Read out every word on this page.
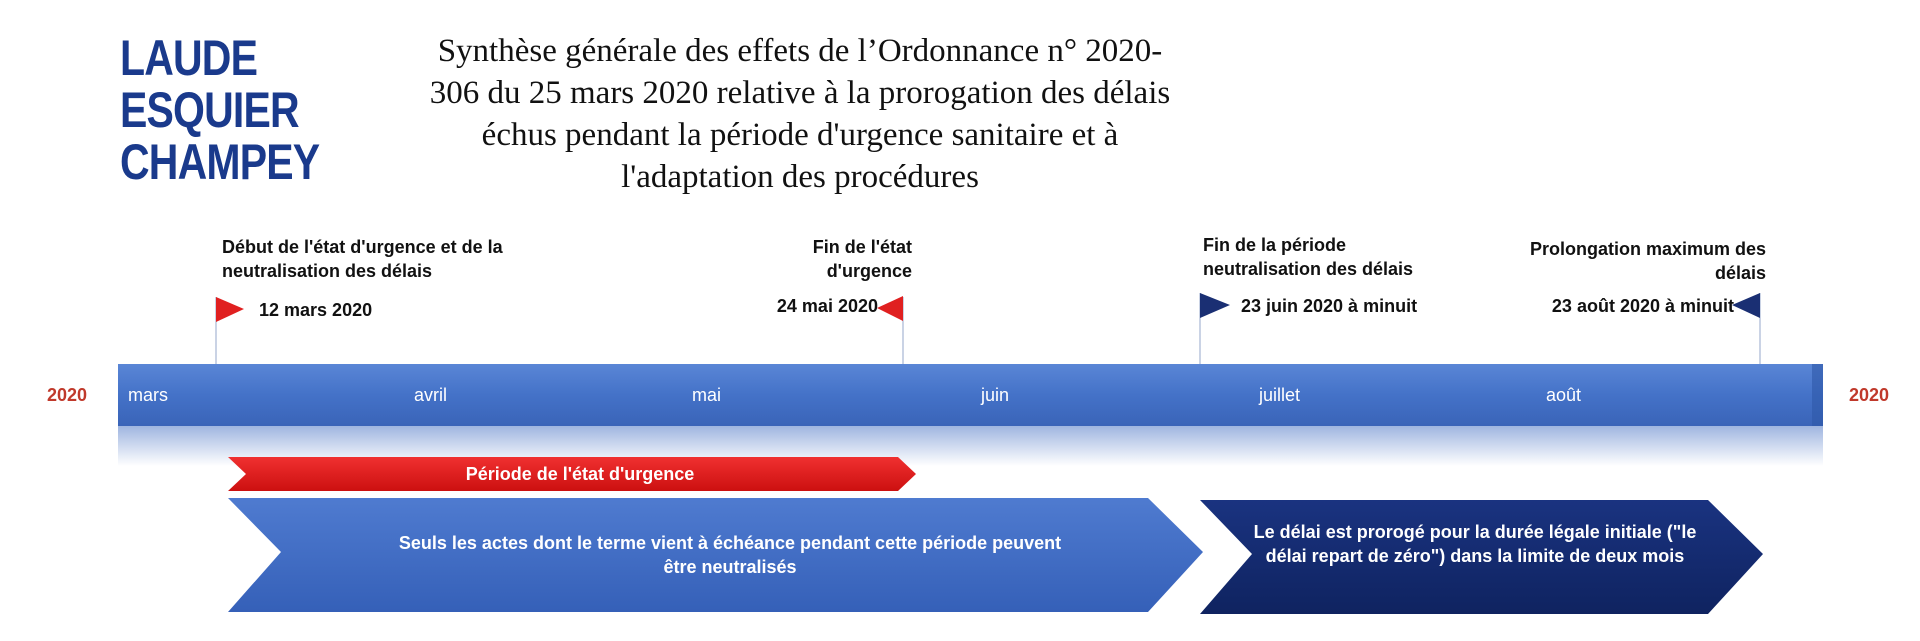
LAUDE
ESQUIER
CHAMPEY
Synthèse générale des effets de l’Ordonnance n° 2020-306 du 25 mars 2020 relative à la prorogation des délais échus pendant la période d'urgence sanitaire et à l'adaptation des procédures
2020	2020
mars	avril	mai	juin	juillet	août
Début de l'état d'urgence et de la neutralisation des délais
12 mars 2020
Fin de l'état d'urgence
24 mai 2020
Fin de la période neutralisation des délais
23 juin 2020 à minuit
Prolongation maximum des délais
23 août 2020 à minuit
Période de l'état d'urgence
Seuls les actes dont le terme vient à échéance pendant cette période peuvent être neutralisés
Le délai est prorogé pour la durée légale initiale ("le délai repart de zéro") dans la limite de deux mois
